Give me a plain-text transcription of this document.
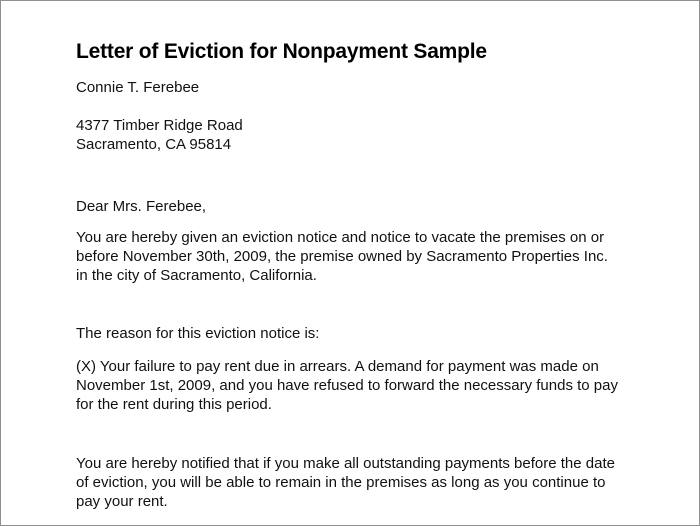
Letter of Eviction for Nonpayment Sample

Connie T. Ferebee

4377 Timber Ridge Road

Sacramento, CA 95814

Dear Mrs. Ferebee,

You are hereby given an eviction notice and notice to vacate the premises on or
before November 30th, 2009, the premise owned by Sacramento Properties Inc.
in the city of Sacramento, California.

The reason for this eviction notice is:

(X) Your failure to pay rent due in arrears. A demand for payment was made on
November 1st, 2009, and you have refused to forward the necessary funds to pay
for the rent during this period.

You are hereby notified that if you make all outstanding payments before the date
of eviction, you will be able to remain in the premises as long as you continue to
pay your rent.
